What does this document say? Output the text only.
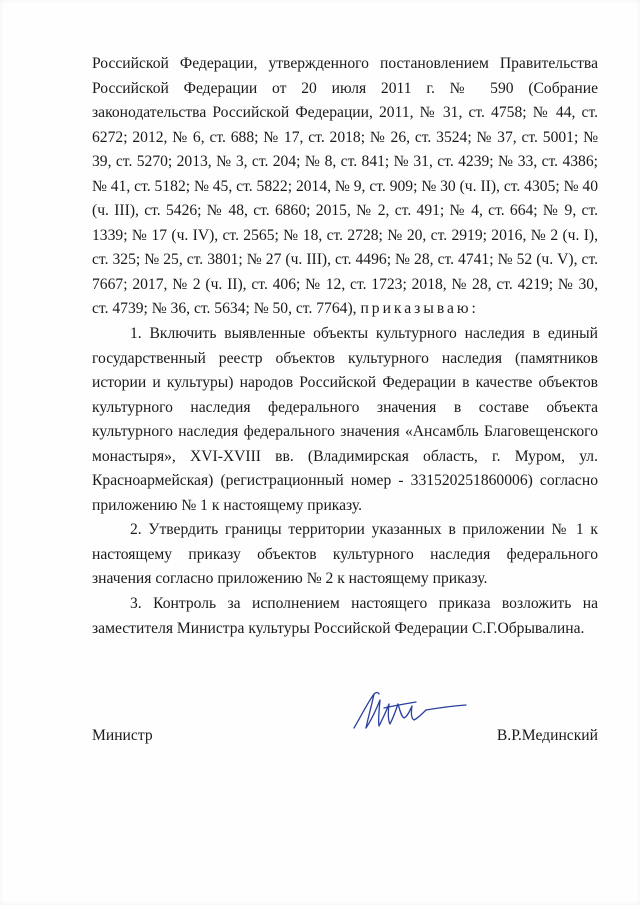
Российской Федерации, утвержденного постановлением Правительства Российской Федерации от 20 июля 2011 г. № 590 (Собрание законодательства Российской Федерации, 2011, № 31, ст. 4758; № 44, ст. 6272; 2012, № 6, ст. 688; № 17, ст. 2018; № 26, ст. 3524; № 37, ст. 5001; № 39, ст. 5270; 2013, № 3, ст. 204; № 8, ст. 841; № 31, ст. 4239; № 33, ст. 4386; № 41, ст. 5182; № 45, ст. 5822; 2014, № 9, ст. 909; № 30 (ч. II), ст. 4305; № 40 (ч. III), ст. 5426; № 48, ст. 6860; 2015, № 2, ст. 491; № 4, ст. 664; № 9, ст. 1339; № 17 (ч. IV), ст. 2565; № 18, ст. 2728; № 20, ст. 2919; 2016, № 2 (ч. I), ст. 325; № 25, ст. 3801; № 27 (ч. III), ст. 4496; № 28, ст. 4741; № 52 (ч. V), ст. 7667; 2017, № 2 (ч. II), ст. 406; № 12, ст. 1723; 2018, № 28, ст. 4219; № 30, ст. 4739; № 36, ст. 5634; № 50, ст. 7764), приказываю:

1. Включить выявленные объекты культурного наследия в единый государственный реестр объектов культурного наследия (памятников истории и культуры) народов Российской Федерации в качестве объектов культурного наследия федерального значения в составе объекта культурного наследия федерального значения «Ансамбль Благовещенского монастыря», XVI-XVIII вв. (Владимирская область, г. Муром, ул. Красноармейская) (регистрационный номер - 331520251860006) согласно приложению № 1 к настоящему приказу.

2. Утвердить границы территории указанных в приложении № 1 к настоящему приказу объектов культурного наследия федерального значения согласно приложению № 2 к настоящему приказу.

3. Контроль за исполнением настоящего приказа возложить на заместителя Министра культуры Российской Федерации С.Г.Обрывалина.

Министр	В.Р.Мединский
